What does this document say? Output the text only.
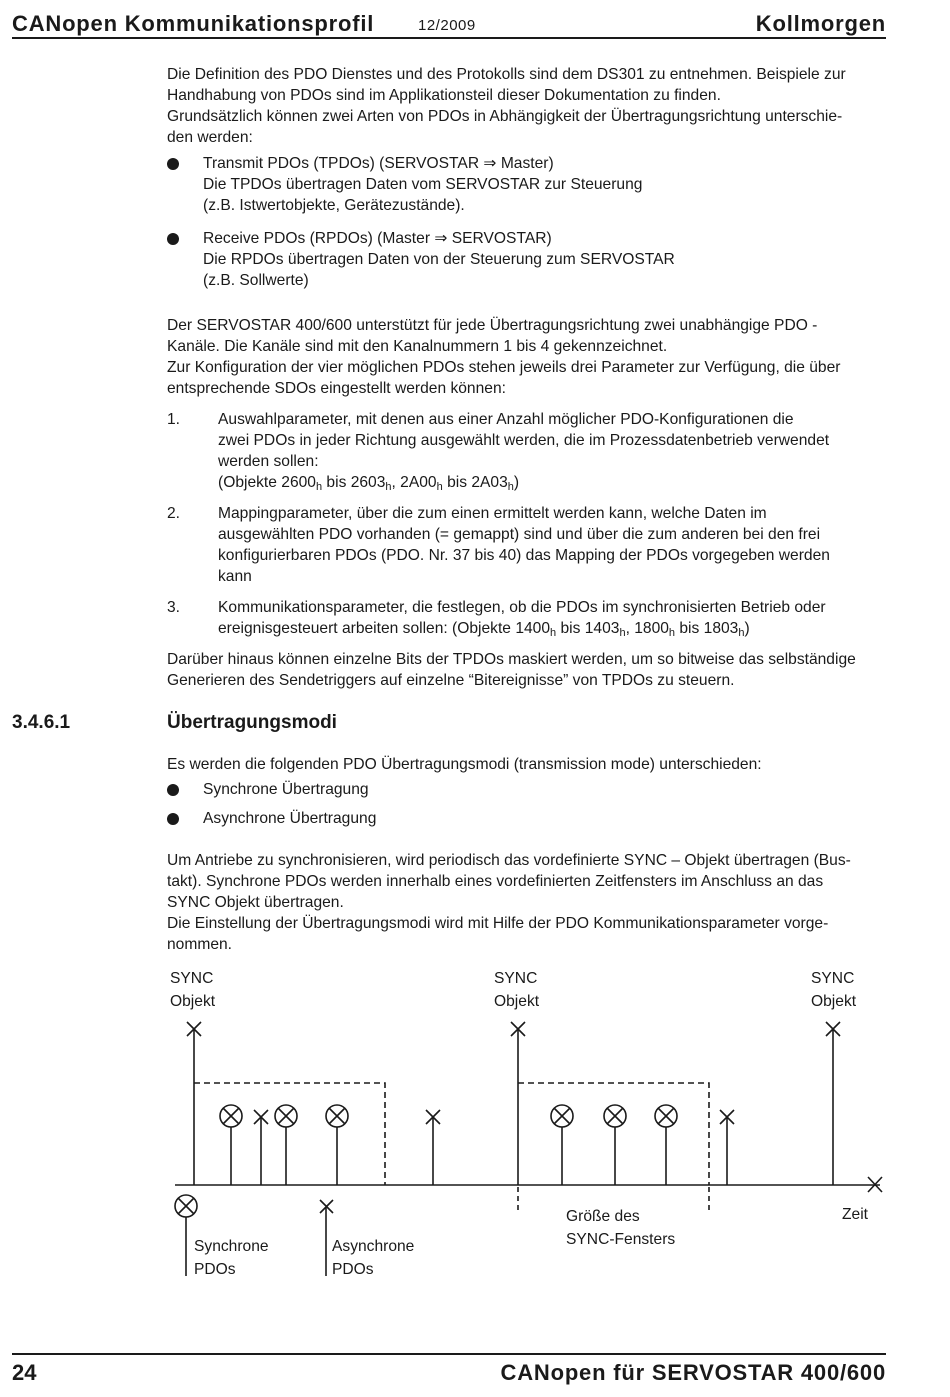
CANopen Kommunikationsprofil	12/2009	Kollmorgen
Die Definition des PDO Dienstes und des Protokolls sind dem DS301 zu entnehmen. Beispiele zur
Handhabung von PDOs sind im Applikationsteil dieser Dokumentation zu finden.
Grundsätzlich können zwei Arten von PDOs in Abhängigkeit der Übertragungsrichtung unterschie-
den werden:
Transmit PDOs (TPDOs) (SERVOSTAR ⇒ Master)
Die TPDOs übertragen Daten vom SERVOSTAR zur Steuerung
(z.B. Istwertobjekte, Gerätezustände).
Receive PDOs (RPDOs) (Master ⇒ SERVOSTAR)
Die RPDOs übertragen Daten von der Steuerung zum SERVOSTAR
(z.B. Sollwerte)
Der SERVOSTAR 400/600 unterstützt für jede Übertragungsrichtung zwei unabhängige PDO -
Kanäle. Die Kanäle sind mit den Kanalnummern 1 bis 4 gekennzeichnet.
Zur Konfiguration der vier möglichen PDOs stehen jeweils drei Parameter zur Verfügung, die über
entsprechende SDOs eingestellt werden können:
1. Auswahlparameter, mit denen aus einer Anzahl möglicher PDO-Konfigurationen die
zwei PDOs in jeder Richtung ausgewählt werden, die im Prozessdatenbetrieb verwendet
werden sollen:
(Objekte $2600_h$ bis $2603_h$, $2A00_h$ bis $2A03_h$)
2. Mappingparameter, über die zum einen ermittelt werden kann, welche Daten im
ausgewählten PDO vorhanden (= gemappt) sind und über die zum anderen bei den frei
konfigurierbaren PDOs (PDO. Nr. 37 bis 40) das Mapping der PDOs vorgegeben werden
kann
3. Kommunikationsparameter, die festlegen, ob die PDOs im synchronisierten Betrieb oder
ereignisgesteuert arbeiten sollen: (Objekte $1400_h$ bis $1403_h$, $1800_h$ bis $1803_h$)
Darüber hinaus können einzelne Bits der TPDOs maskiert werden, um so bitweise das selbständige
Generieren des Sendetriggers auf einzelne “Bitereignisse” von TPDOs zu steuern.
3.4.6.1	Übertragungsmodi
Es werden die folgenden PDO Übertragungsmodi (transmission mode) unterschieden:
Synchrone Übertragung
Asynchrone Übertragung
Um Antriebe zu synchronisieren, wird periodisch das vordefinierte SYNC – Objekt übertragen (Bus-
takt). Synchrone PDOs werden innerhalb eines vordefinierten Zeitfensters im Anschluss an das
SYNC Objekt übertragen.
Die Einstellung der Übertragungsmodi wird mit Hilfe der PDO Kommunikationsparameter vorge-
nommen.
SYNC
Objekt
SYNC
Objekt
SYNC
Objekt
Zeit
Größe des
SYNC-Fensters
Synchrone
PDOs
Asynchrone
PDOs
24	CANopen für SERVOSTAR 400/600
